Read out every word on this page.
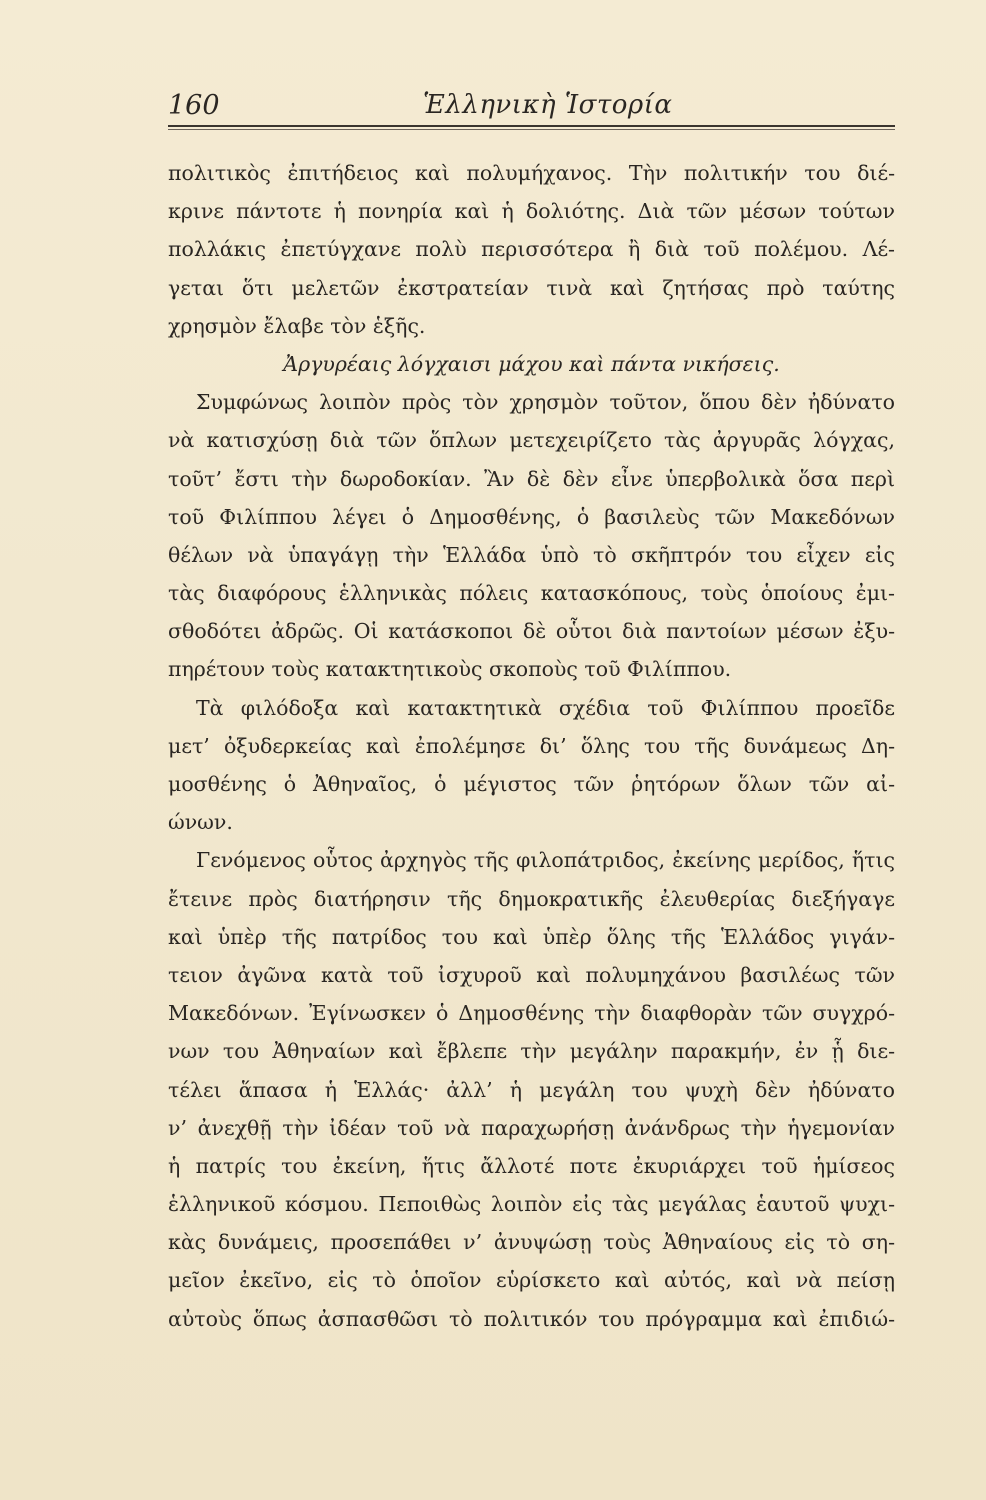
160	Ἑλληνικὴ Ἱστορία
πολιτικὸς ἐπιτήδειος καὶ πολυμήχανος. Τὴν πολιτικήν του διέ-
κρινε πάντοτε ἡ πονηρία καὶ ἡ δολιότης. Διὰ τῶν μέσων τούτων
πολλάκις ἐπετύγχανε πολὺ περισσότερα ἢ διὰ τοῦ πολέμου. Λέ-
γεται ὅτι μελετῶν ἐκστρατείαν τινὰ καὶ ζητήσας πρὸ ταύτης
χρησμὸν ἔλαβε τὸν ἑξῆς.
Ἀργυρέαις λόγχαισι μάχου καὶ πάντα νικήσεις.
Συμφώνως λοιπὸν πρὸς τὸν χρησμὸν τοῦτον, ὅπου δὲν ἠδύνατο
νὰ κατισχύσῃ διὰ τῶν ὅπλων μετεχειρίζετο τὰς ἀργυρᾶς λόγχας,
τοῦτ’ ἔστι τὴν δωροδοκίαν. Ἂν δὲ δὲν εἶνε ὑπερβολικὰ ὅσα περὶ
τοῦ Φιλίππου λέγει ὁ Δημοσθένης, ὁ βασιλεὺς τῶν Μακεδόνων
θέλων νὰ ὑπαγάγῃ τὴν Ἑλλάδα ὑπὸ τὸ σκῆπτρόν του εἶχεν εἰς
τὰς διαφόρους ἑλληνικὰς πόλεις κατασκόπους, τοὺς ὁποίους ἐμι-
σθοδότει ἀδρῶς. Οἱ κατάσκοποι δὲ οὗτοι διὰ παντοίων μέσων ἐξυ-
πηρέτουν τοὺς κατακτητικοὺς σκοποὺς τοῦ Φιλίππου.
Τὰ φιλόδοξα καὶ κατακτητικὰ σχέδια τοῦ Φιλίππου προεῖδε
μετ’ ὀξυδερκείας καὶ ἐπολέμησε δι’ ὅλης του τῆς δυνάμεως Δη-
μοσθένης ὁ Ἀθηναῖος, ὁ μέγιστος τῶν ῥητόρων ὅλων τῶν αἰ-
ώνων.
Γενόμενος οὗτος ἀρχηγὸς τῆς φιλοπάτριδος, ἐκείνης μερίδος, ἥτις
ἔτεινε πρὸς διατήρησιν τῆς δημοκρατικῆς ἐλευθερίας διεξήγαγε
καὶ ὑπὲρ τῆς πατρίδος του καὶ ὑπὲρ ὅλης τῆς Ἑλλάδος γιγάν-
τειον ἀγῶνα κατὰ τοῦ ἰσχυροῦ καὶ πολυμηχάνου βασιλέως τῶν
Μακεδόνων. Ἐγίνωσκεν ὁ Δημοσθένης τὴν διαφθορὰν τῶν συγχρό-
νων του Ἀθηναίων καὶ ἔβλεπε τὴν μεγάλην παρακμήν, ἐν ᾗ διε-
τέλει ἅπασα ἡ Ἑλλάς· ἀλλ’ ἡ μεγάλη του ψυχὴ δὲν ἠδύνατο
ν’ ἀνεχθῇ τὴν ἰδέαν τοῦ νὰ παραχωρήσῃ ἀνάνδρως τὴν ἡγεμονίαν
ἡ πατρίς του ἐκείνη, ἥτις ἄλλοτέ ποτε ἐκυριάρχει τοῦ ἡμίσεος
ἑλληνικοῦ κόσμου. Πεποιθὼς λοιπὸν εἰς τὰς μεγάλας ἑαυτοῦ ψυχι-
κὰς δυνάμεις, προσεπάθει ν’ ἀνυψώσῃ τοὺς Ἀθηναίους εἰς τὸ ση-
μεῖον ἐκεῖνο, εἰς τὸ ὁποῖον εὑρίσκετο καὶ αὐτός, καὶ νὰ πείσῃ
αὐτοὺς ὅπως ἀσπασθῶσι τὸ πολιτικόν του πρόγραμμα καὶ ἐπιδιώ-
